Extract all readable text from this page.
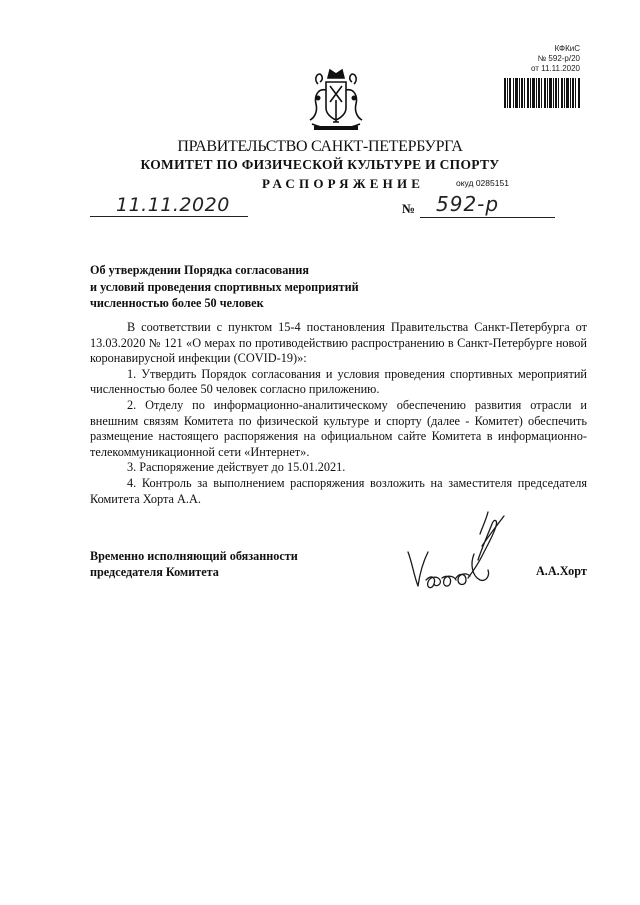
КФКиС
№ 592-р/20
от 11.11.2020
ПРАВИТЕЛЬСТВО САНКТ-ПЕТЕРБУРГА
КОМИТЕТ ПО ФИЗИЧЕСКОЙ КУЛЬТУРЕ И СПОРТУ
РАСПОРЯЖЕНИЕ	окуд 0285151
11.11.2020	№ 592-р
Об утверждении Порядка согласования
и условий проведения спортивных мероприятий
численностью более 50 человек

В соответствии с пунктом 15-4 постановления Правительства Санкт-Петербурга от 13.03.2020 № 121 «О мерах по противодействию распространению в Санкт-Петербурге новой коронавирусной инфекции (COVID-19)»:

1. Утвердить Порядок согласования и условия проведения спортивных мероприятий численностью более 50 человек согласно приложению.

2. Отделу по информационно-аналитическому обеспечению развития отрасли и внешним связям Комитета по физической культуре и спорту (далее - Комитет) обеспечить размещение настоящего распоряжения на официальном сайте Комитета в информационно-телекоммуникационной сети «Интернет».

3. Распоряжение действует до 15.01.2021.

4. Контроль за выполнением распоряжения возложить на заместителя председателя Комитета Хорта А.А.

Временно исполняющий обязанности
председателя Комитета	А.А.Хорт
